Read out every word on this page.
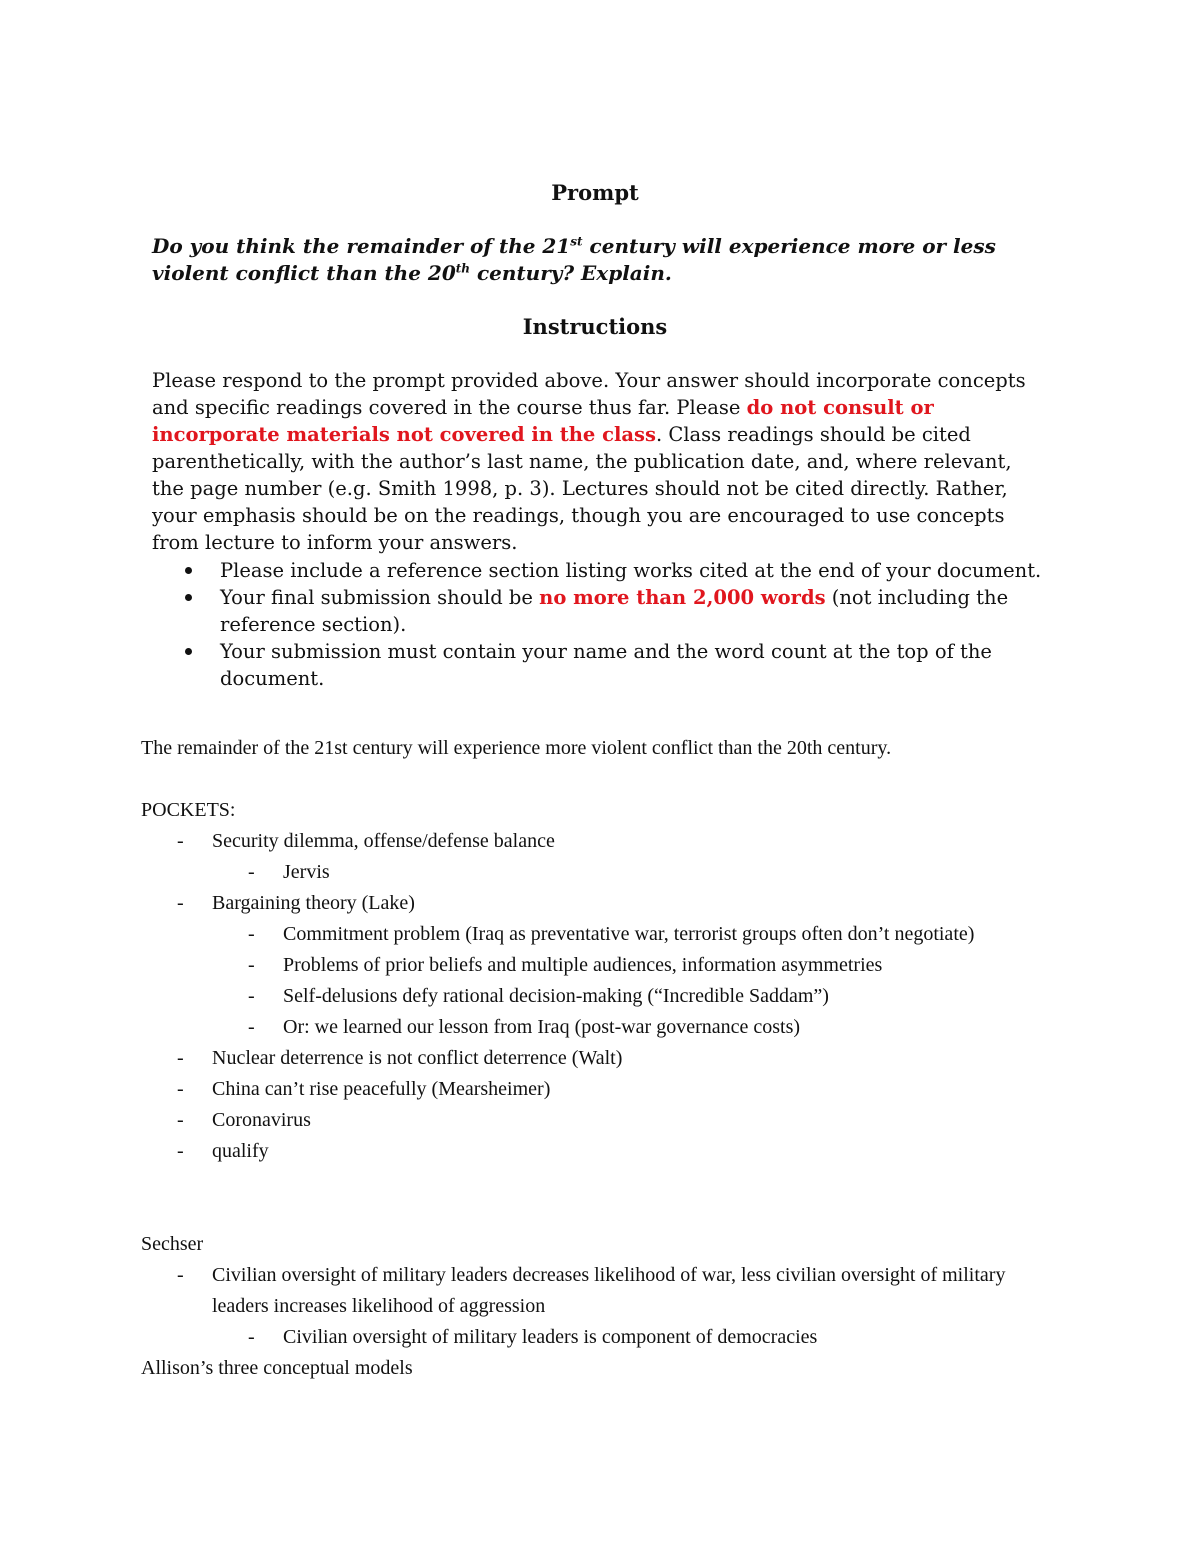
Prompt

Do you think the remainder of the 21st century will experience more or less violent conflict than the 20th century? Explain.

Instructions

Please respond to the prompt provided above. Your answer should incorporate concepts and specific readings covered in the course thus far. Please do not consult or incorporate materials not covered in the class. Class readings should be cited parenthetically, with the author’s last name, the publication date, and, where relevant, the page number (e.g. Smith 1998, p. 3). Lectures should not be cited directly. Rather, your emphasis should be on the readings, though you are encouraged to use concepts from lecture to inform your answers.

Please include a reference section listing works cited at the end of your document.
Your final submission should be no more than 2,000 words (not including the reference section).
Your submission must contain your name and the word count at the top of the document.

The remainder of the 21st century will experience more violent conflict than the 20th century.

POCKETS:

- Security dilemma, offense/defense balance
- Jervis
- Bargaining theory (Lake)
- Commitment problem (Iraq as preventative war, terrorist groups often don’t negotiate)
- Problems of prior beliefs and multiple audiences, information asymmetries
- Self-delusions defy rational decision-making (“Incredible Saddam”)
- Or: we learned our lesson from Iraq (post-war governance costs)
- Nuclear deterrence is not conflict deterrence (Walt)
- China can’t rise peacefully (Mearsheimer)
- Coronavirus
- qualify

Sechser

- Civilian oversight of military leaders decreases likelihood of war, less civilian oversight of military leaders increases likelihood of aggression
- Civilian oversight of military leaders is component of democracies

Allison’s three conceptual models
